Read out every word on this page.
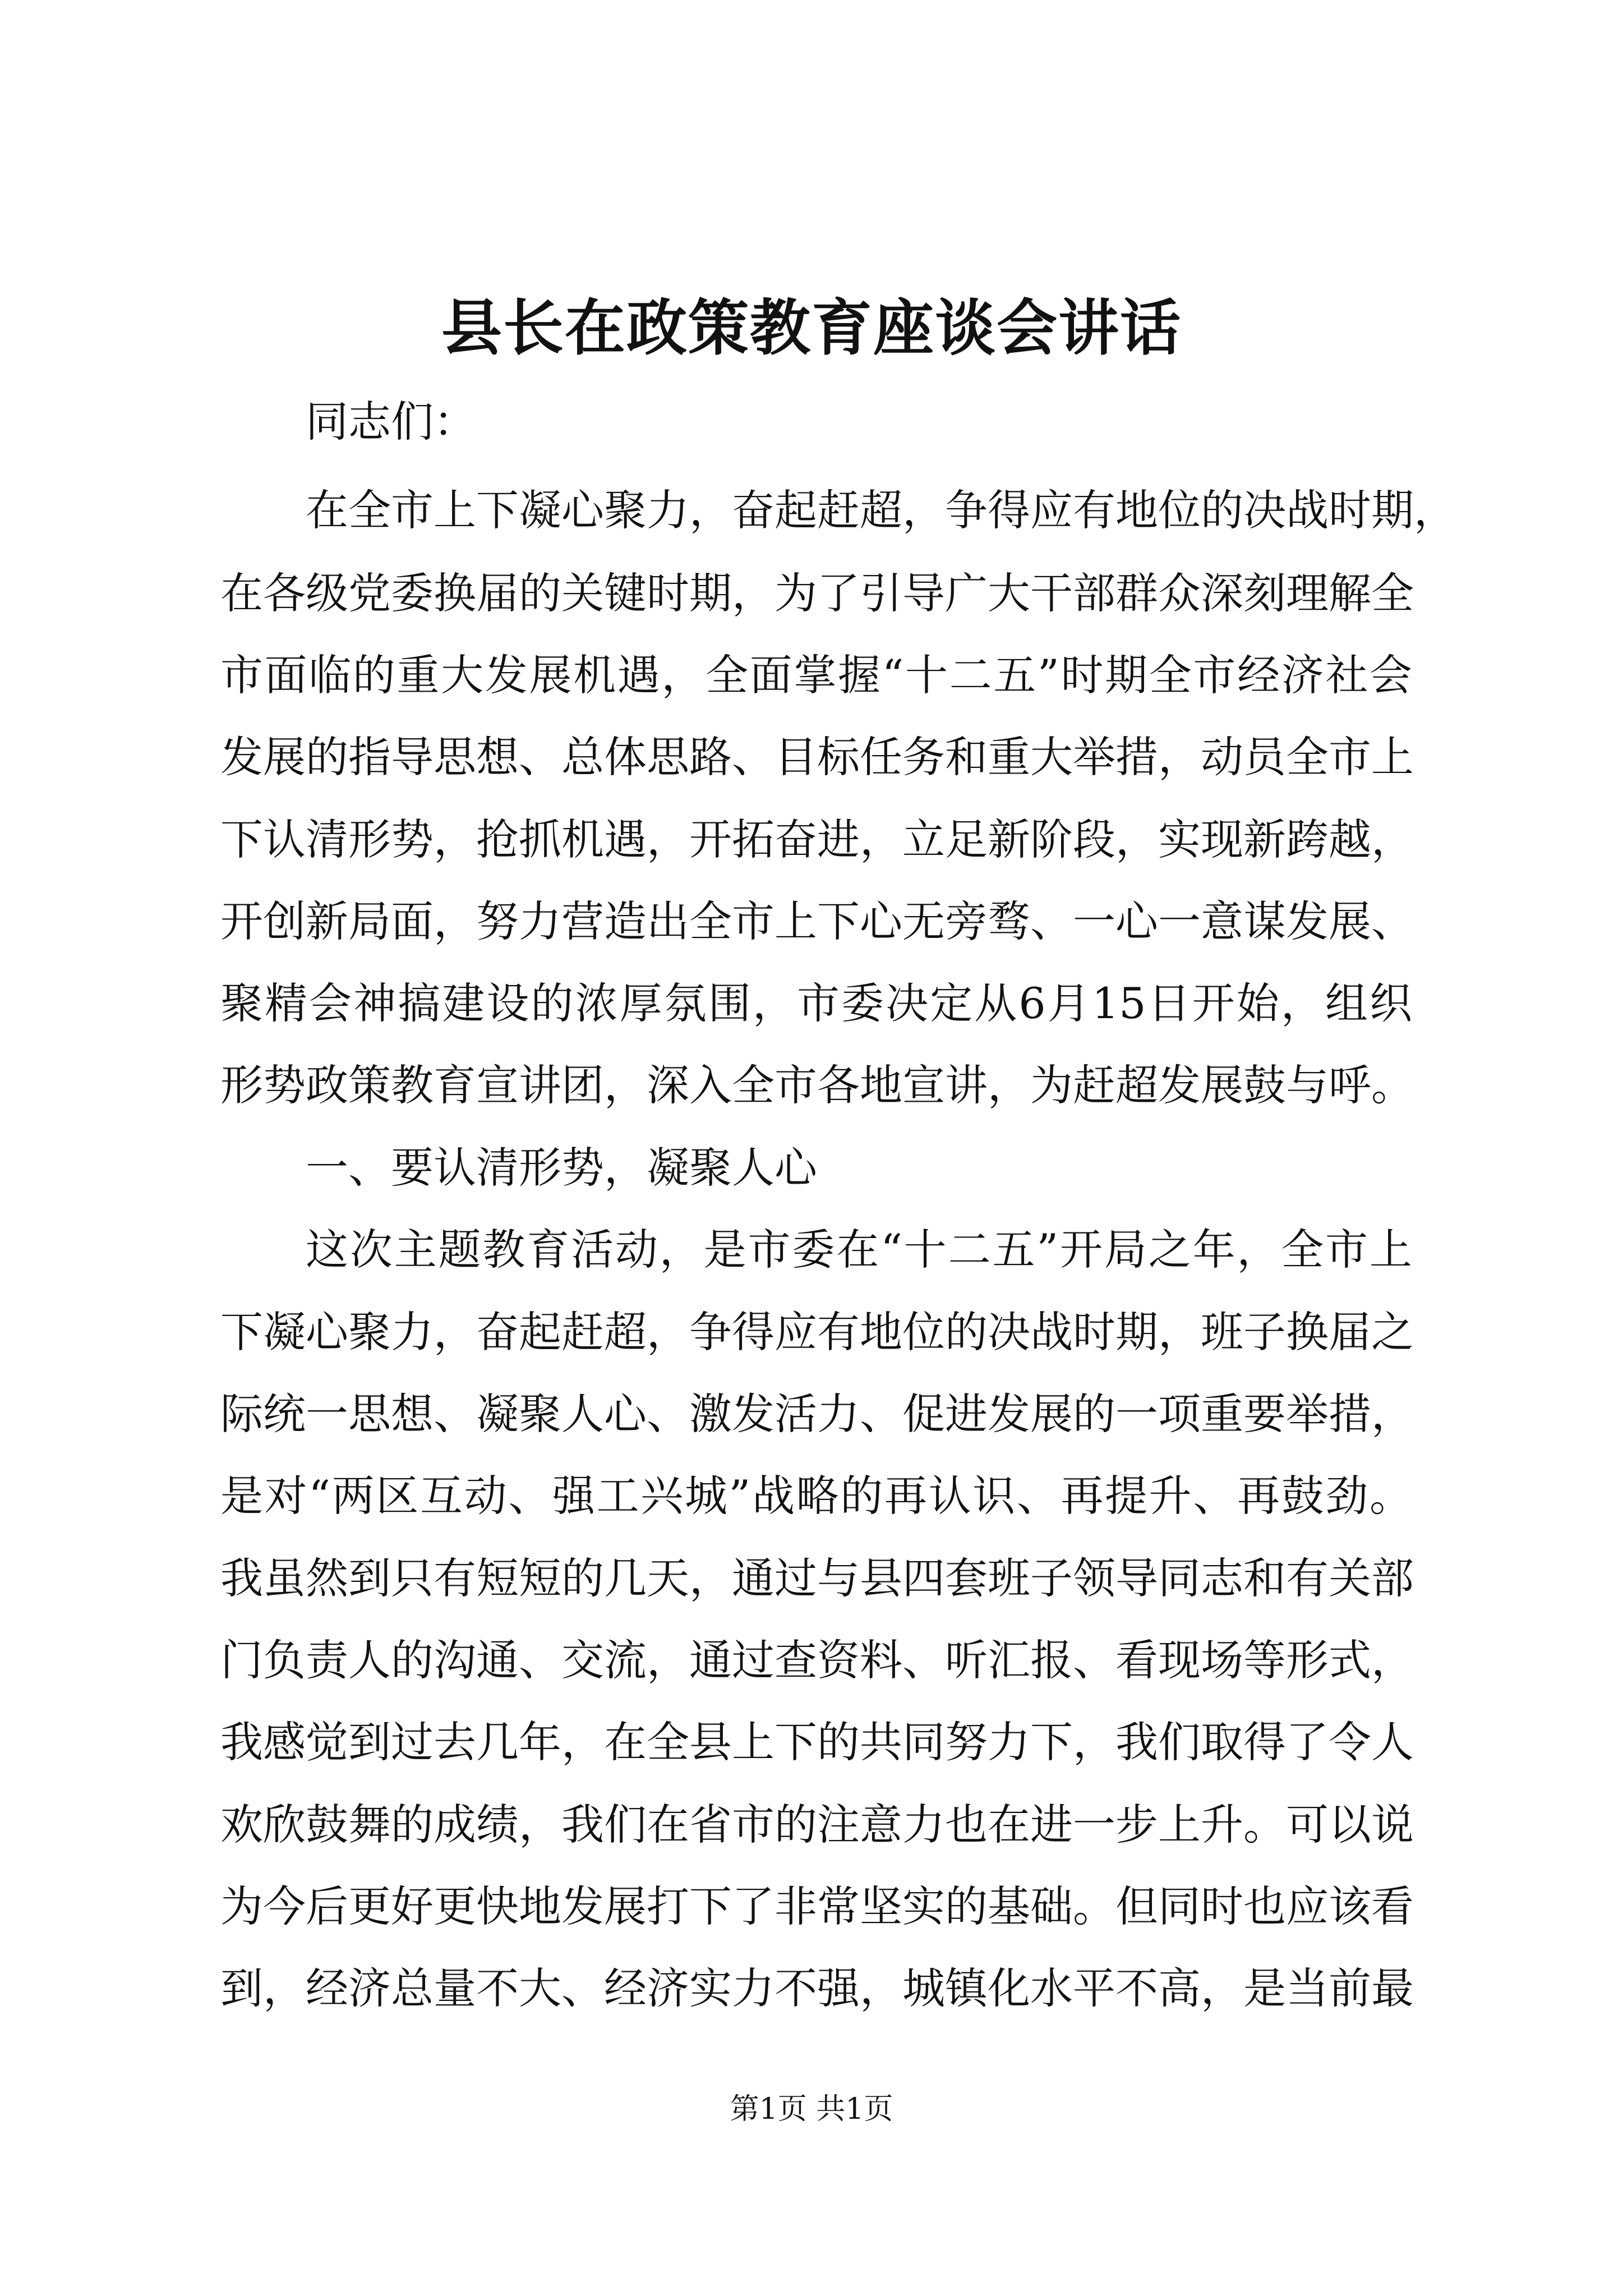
县长在政策教育座谈会讲话
同志们：
在全市上下凝心聚力，奋起赶超，争得应有地位的决战时期，
在各级党委换届的关键时期，为了引导广大干部群众深刻理解全
市面临的重大发展机遇，全面掌握“十二五”时期全市经济社会
发展的指导思想、总体思路、目标任务和重大举措，动员全市上
下认清形势，抢抓机遇，开拓奋进，立足新阶段，实现新跨越，
开创新局面，努力营造出全市上下心无旁骛、一心一意谋发展、
聚精会神搞建设的浓厚氛围，市委决定从6月15日开始，组织
形势政策教育宣讲团，深入全市各地宣讲，为赶超发展鼓与呼。
一、要认清形势，凝聚人心
这次主题教育活动，是市委在“十二五”开局之年，全市上
下凝心聚力，奋起赶超，争得应有地位的决战时期，班子换届之
际统一思想、凝聚人心、激发活力、促进发展的一项重要举措，
是对“两区互动、强工兴城”战略的再认识、再提升、再鼓劲。
我虽然到只有短短的几天，通过与县四套班子领导同志和有关部
门负责人的沟通、交流，通过查资料、听汇报、看现场等形式，
我感觉到过去几年，在全县上下的共同努力下，我们取得了令人
欢欣鼓舞的成绩，我们在省市的注意力也在进一步上升。可以说
为今后更好更快地发展打下了非常坚实的基础。但同时也应该看
到，经济总量不大、经济实力不强，城镇化水平不高，是当前最
第1页 共1页
